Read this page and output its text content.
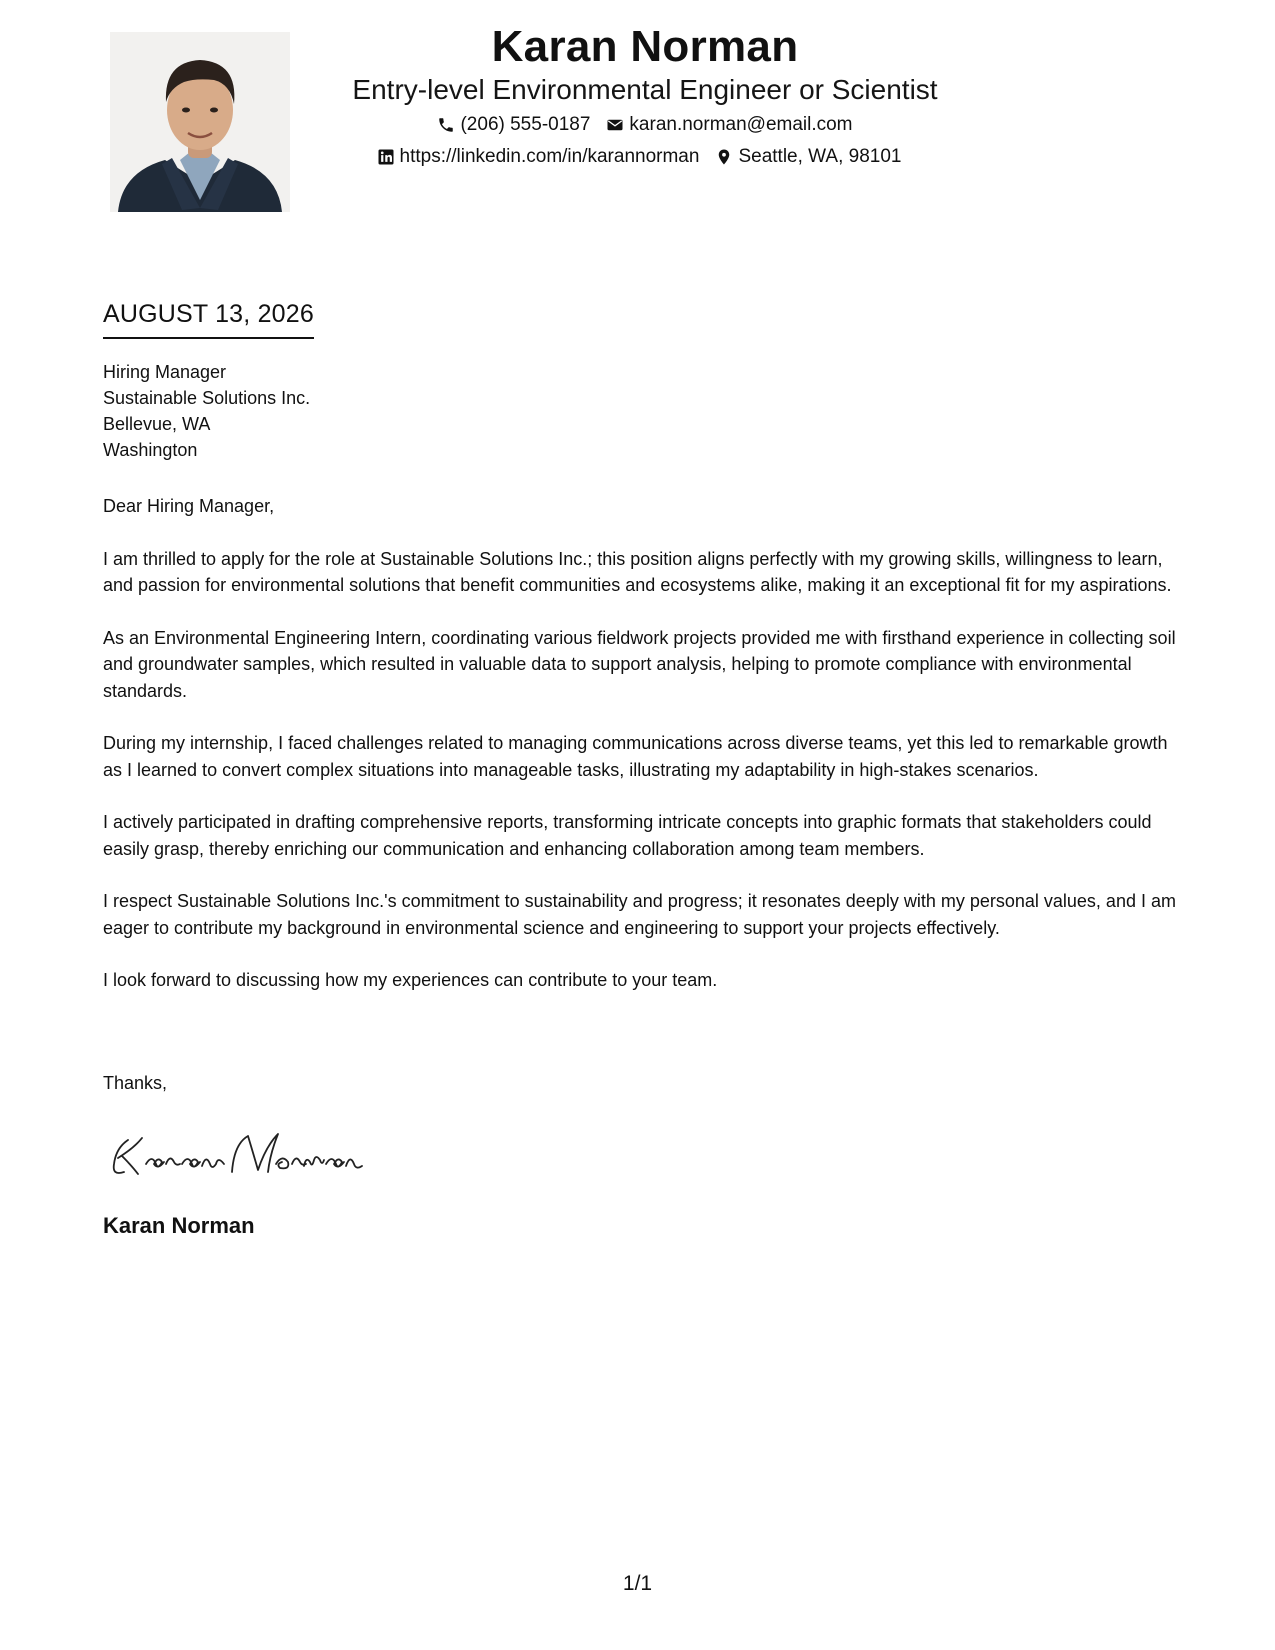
Karan Norman
Entry-level Environmental Engineer or Scientist
(206) 555-0187 karan.norman@email.com
https://linkedin.com/in/karannorman Seattle, WA, 98101
AUGUST 13, 2026
Hiring Manager
Sustainable Solutions Inc.
Bellevue, WA
Washington

Dear Hiring Manager,

I am thrilled to apply for the role at Sustainable Solutions Inc.; this position aligns perfectly with my growing skills, willingness to learn, and passion for environmental solutions that benefit communities and ecosystems alike, making it an exceptional fit for my aspirations.

As an Environmental Engineering Intern, coordinating various fieldwork projects provided me with firsthand experience in collecting soil and groundwater samples, which resulted in valuable data to support analysis, helping to promote compliance with environmental standards.

During my internship, I faced challenges related to managing communications across diverse teams, yet this led to remarkable growth as I learned to convert complex situations into manageable tasks, illustrating my adaptability in high-stakes scenarios.

I actively participated in drafting comprehensive reports, transforming intricate concepts into graphic formats that stakeholders could easily grasp, thereby enriching our communication and enhancing collaboration among team members.

I respect Sustainable Solutions Inc.'s commitment to sustainability and progress; it resonates deeply with my personal values, and I am eager to contribute my background in environmental science and engineering to support your projects effectively.

I look forward to discussing how my experiences can contribute to your team.

Thanks,
Karan Norman
1/1
